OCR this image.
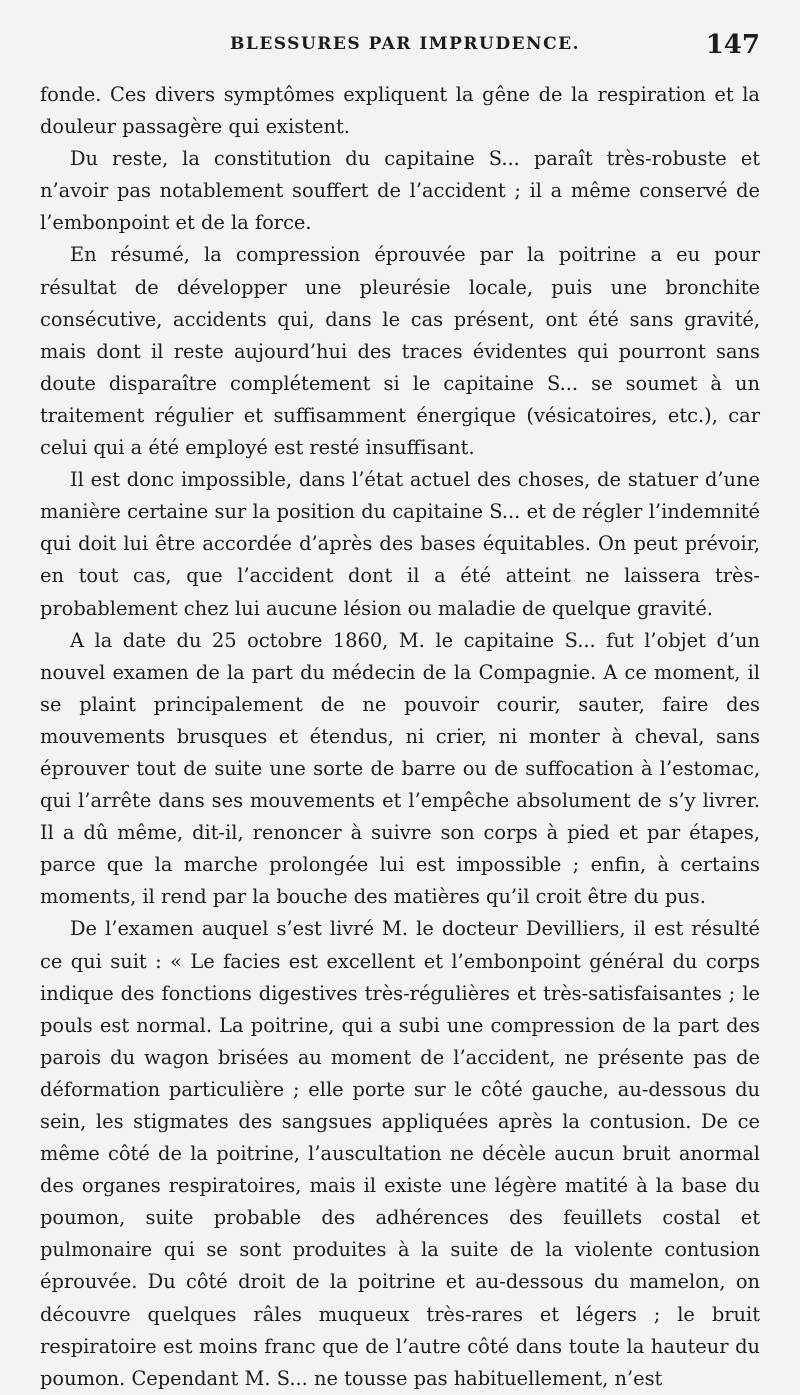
BLESSURES PAR IMPRUDENCE.	147

fonde. Ces divers symptômes expliquent la gêne de la respiration et la douleur passagère qui existent.

Du reste, la constitution du capitaine S... paraît très-robuste et n’avoir pas notablement souffert de l’accident ; il a même conservé de l’embonpoint et de la force.

En résumé, la compression éprouvée par la poitrine a eu pour résultat de développer une pleurésie locale, puis une bronchite consécutive, accidents qui, dans le cas présent, ont été sans gravité, mais dont il reste aujourd’hui des traces évidentes qui pourront sans doute disparaître complétement si le capitaine S... se soumet à un traitement régulier et suffisamment énergique (vésicatoires, etc.), car celui qui a été employé est resté insuffisant.

Il est donc impossible, dans l’état actuel des choses, de statuer d’une manière certaine sur la position du capitaine S... et de régler l’indemnité qui doit lui être accordée d’après des bases équitables. On peut prévoir, en tout cas, que l’accident dont il a été atteint ne laissera très-probablement chez lui aucune lésion ou maladie de quelque gravité.

A la date du 25 octobre 1860, M. le capitaine S... fut l’objet d’un nouvel examen de la part du médecin de la Compagnie. A ce moment, il se plaint principalement de ne pouvoir courir, sauter, faire des mouvements brusques et étendus, ni crier, ni monter à cheval, sans éprouver tout de suite une sorte de barre ou de suffocation à l’estomac, qui l’arrête dans ses mouvements et l’empêche absolument de s’y livrer. Il a dû même, dit-il, renoncer à suivre son corps à pied et par étapes, parce que la marche prolongée lui est impossible ; enfin, à certains moments, il rend par la bouche des matières qu’il croit être du pus.

De l’examen auquel s’est livré M. le docteur Devilliers, il est résulté ce qui suit : « Le facies est excellent et l’embonpoint général du corps indique des fonctions digestives très-régulières et très-satisfaisantes ; le pouls est normal. La poitrine, qui a subi une compression de la part des parois du wagon brisées au moment de l’accident, ne présente pas de déformation particulière ; elle porte sur le côté gauche, au-dessous du sein, les stigmates des sangsues appliquées après la contusion. De ce même côté de la poitrine, l’auscultation ne décèle aucun bruit anormal des organes respiratoires, mais il existe une légère matité à la base du poumon, suite probable des adhérences des feuillets costal et pulmonaire qui se sont produites à la suite de la violente contusion éprouvée. Du côté droit de la poitrine et au-dessous du mamelon, on découvre quelques râles muqueux très-rares et légers ; le bruit respiratoire est moins franc que de l’autre côté dans toute la hauteur du poumon. Cependant M. S... ne tousse pas habituellement, n’est
